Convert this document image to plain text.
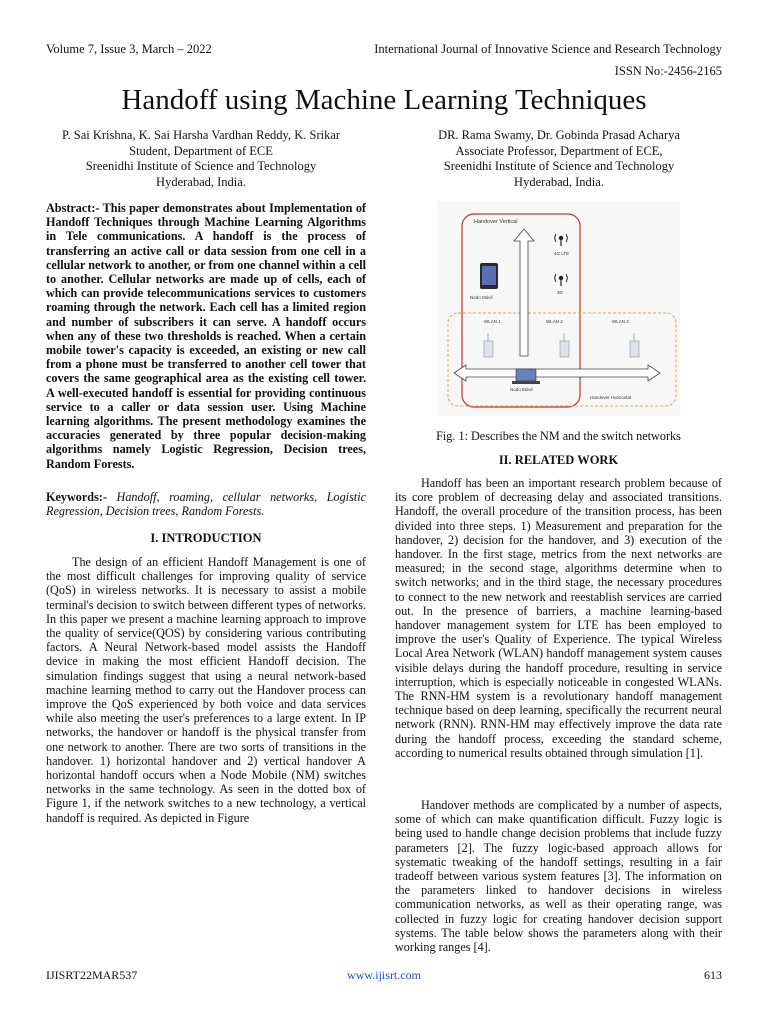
Volume 7, Issue 3, March – 2022	International Journal of Innovative Science and Research Technology
ISSN No:-2456-2165
Handoff using Machine Learning Techniques
P. Sai Krishna, K. Sai Harsha Vardhan Reddy, K. Srikar
Student, Department of ECE
Sreenidhi Institute of Science and Technology
Hyderabad, India.
DR. Rama Swamy, Dr. Gobinda Prasad Acharya
Associate Professor, Department of ECE,
Sreenidhi Institute of Science and Technology
Hyderabad, India.

Abstract:- This paper demonstrates about Implementation of Handoff Techniques through Machine Learning Algorithms in Tele communications. A handoff is the process of transferring an active call or data session from one cell in a cellular network to another, or from one channel within a cell to another. Cellular networks are made up of cells, each of which can provide telecommunications services to customers roaming through the network. Each cell has a limited region and number of subscribers it can serve. A handoff occurs when any of these two thresholds is reached. When a certain mobile tower's capacity is exceeded, an existing or new call from a phone must be transferred to another cell tower that covers the same geographical area as the existing cell tower. A well-executed handoff is essential for providing continuous service to a caller or data session user. Using Machine learning algorithms. The present methodology examines the accuracies generated by three popular decision-making algorithms namely Logistic Regression, Decision trees, Random Forests.

Keywords:- Handoff, roaming, cellular networks, Logistic Regression, Decision trees, Random Forests.
I. INTRODUCTION

The design of an efficient Handoff Management is one of the most difficult challenges for improving quality of service (QoS) in wireless networks. It is necessary to assist a mobile terminal's decision to switch between different types of networks. In this paper we present a machine learning approach to improve the quality of service(QOS) by considering various contributing factors. A Neural Network-based model assists the Handoff device in making the most efficient Handoff decision. The simulation findings suggest that using a neural network-based machine learning method to carry out the Handover process can improve the QoS experienced by both voice and data services while also meeting the user's preferences to a large extent. In IP networks, the handover or handoff is the physical transfer from one network to another. There are two sorts of transitions in the handover. 1) horizontal handover and 2) vertical handover A horizontal handoff occurs when a Node Mobile (NM) switches networks in the same technology. As seen in the dotted box of Figure 1, if the network switches to a new technology, a vertical handoff is required. As depicted in Figure

Handover Vertical
Nodo Móvil
4G LTE
3G
WLAN 1	WLAN 2	WLAN 3
Nodo Móvil
Handover Horizontal
Fig. 1: Describes the NM and the switch networks
II. RELATED WORK

Handoff has been an important research problem because of its core problem of decreasing delay and associated transitions. Handoff, the overall procedure of the transition process, has been divided into three steps. 1) Measurement and preparation for the handover, 2) decision for the handover, and 3) execution of the handover. In the first stage, metrics from the next networks are measured; in the second stage, algorithms determine when to switch networks; and in the third stage, the necessary procedures to connect to the new network and reestablish services are carried out. In the presence of barriers, a machine learning-based handover management system for LTE has been employed to improve the user's Quality of Experience. The typical Wireless Local Area Network (WLAN) handoff management system causes visible delays during the handoff procedure, resulting in service interruption, which is especially noticeable in congested WLANs. The RNN-HM system is a revolutionary handoff management technique based on deep learning, specifically the recurrent neural network (RNN). RNN-HM may effectively improve the data rate during the handoff process, exceeding the standard scheme, according to numerical results obtained through simulation [1].

Handover methods are complicated by a number of aspects, some of which can make quantification difficult. Fuzzy logic is being used to handle change decision problems that include fuzzy parameters [2]. The fuzzy logic-based approach allows for systematic tweaking of the handoff settings, resulting in a fair tradeoff between various system features [3]. The information on the parameters linked to handover decisions in wireless communication networks, as well as their operating range, was collected in fuzzy logic for creating handover decision support systems. The table below shows the parameters along with their working ranges [4].

IJISRT22MAR537	www.ijisrt.com	613
